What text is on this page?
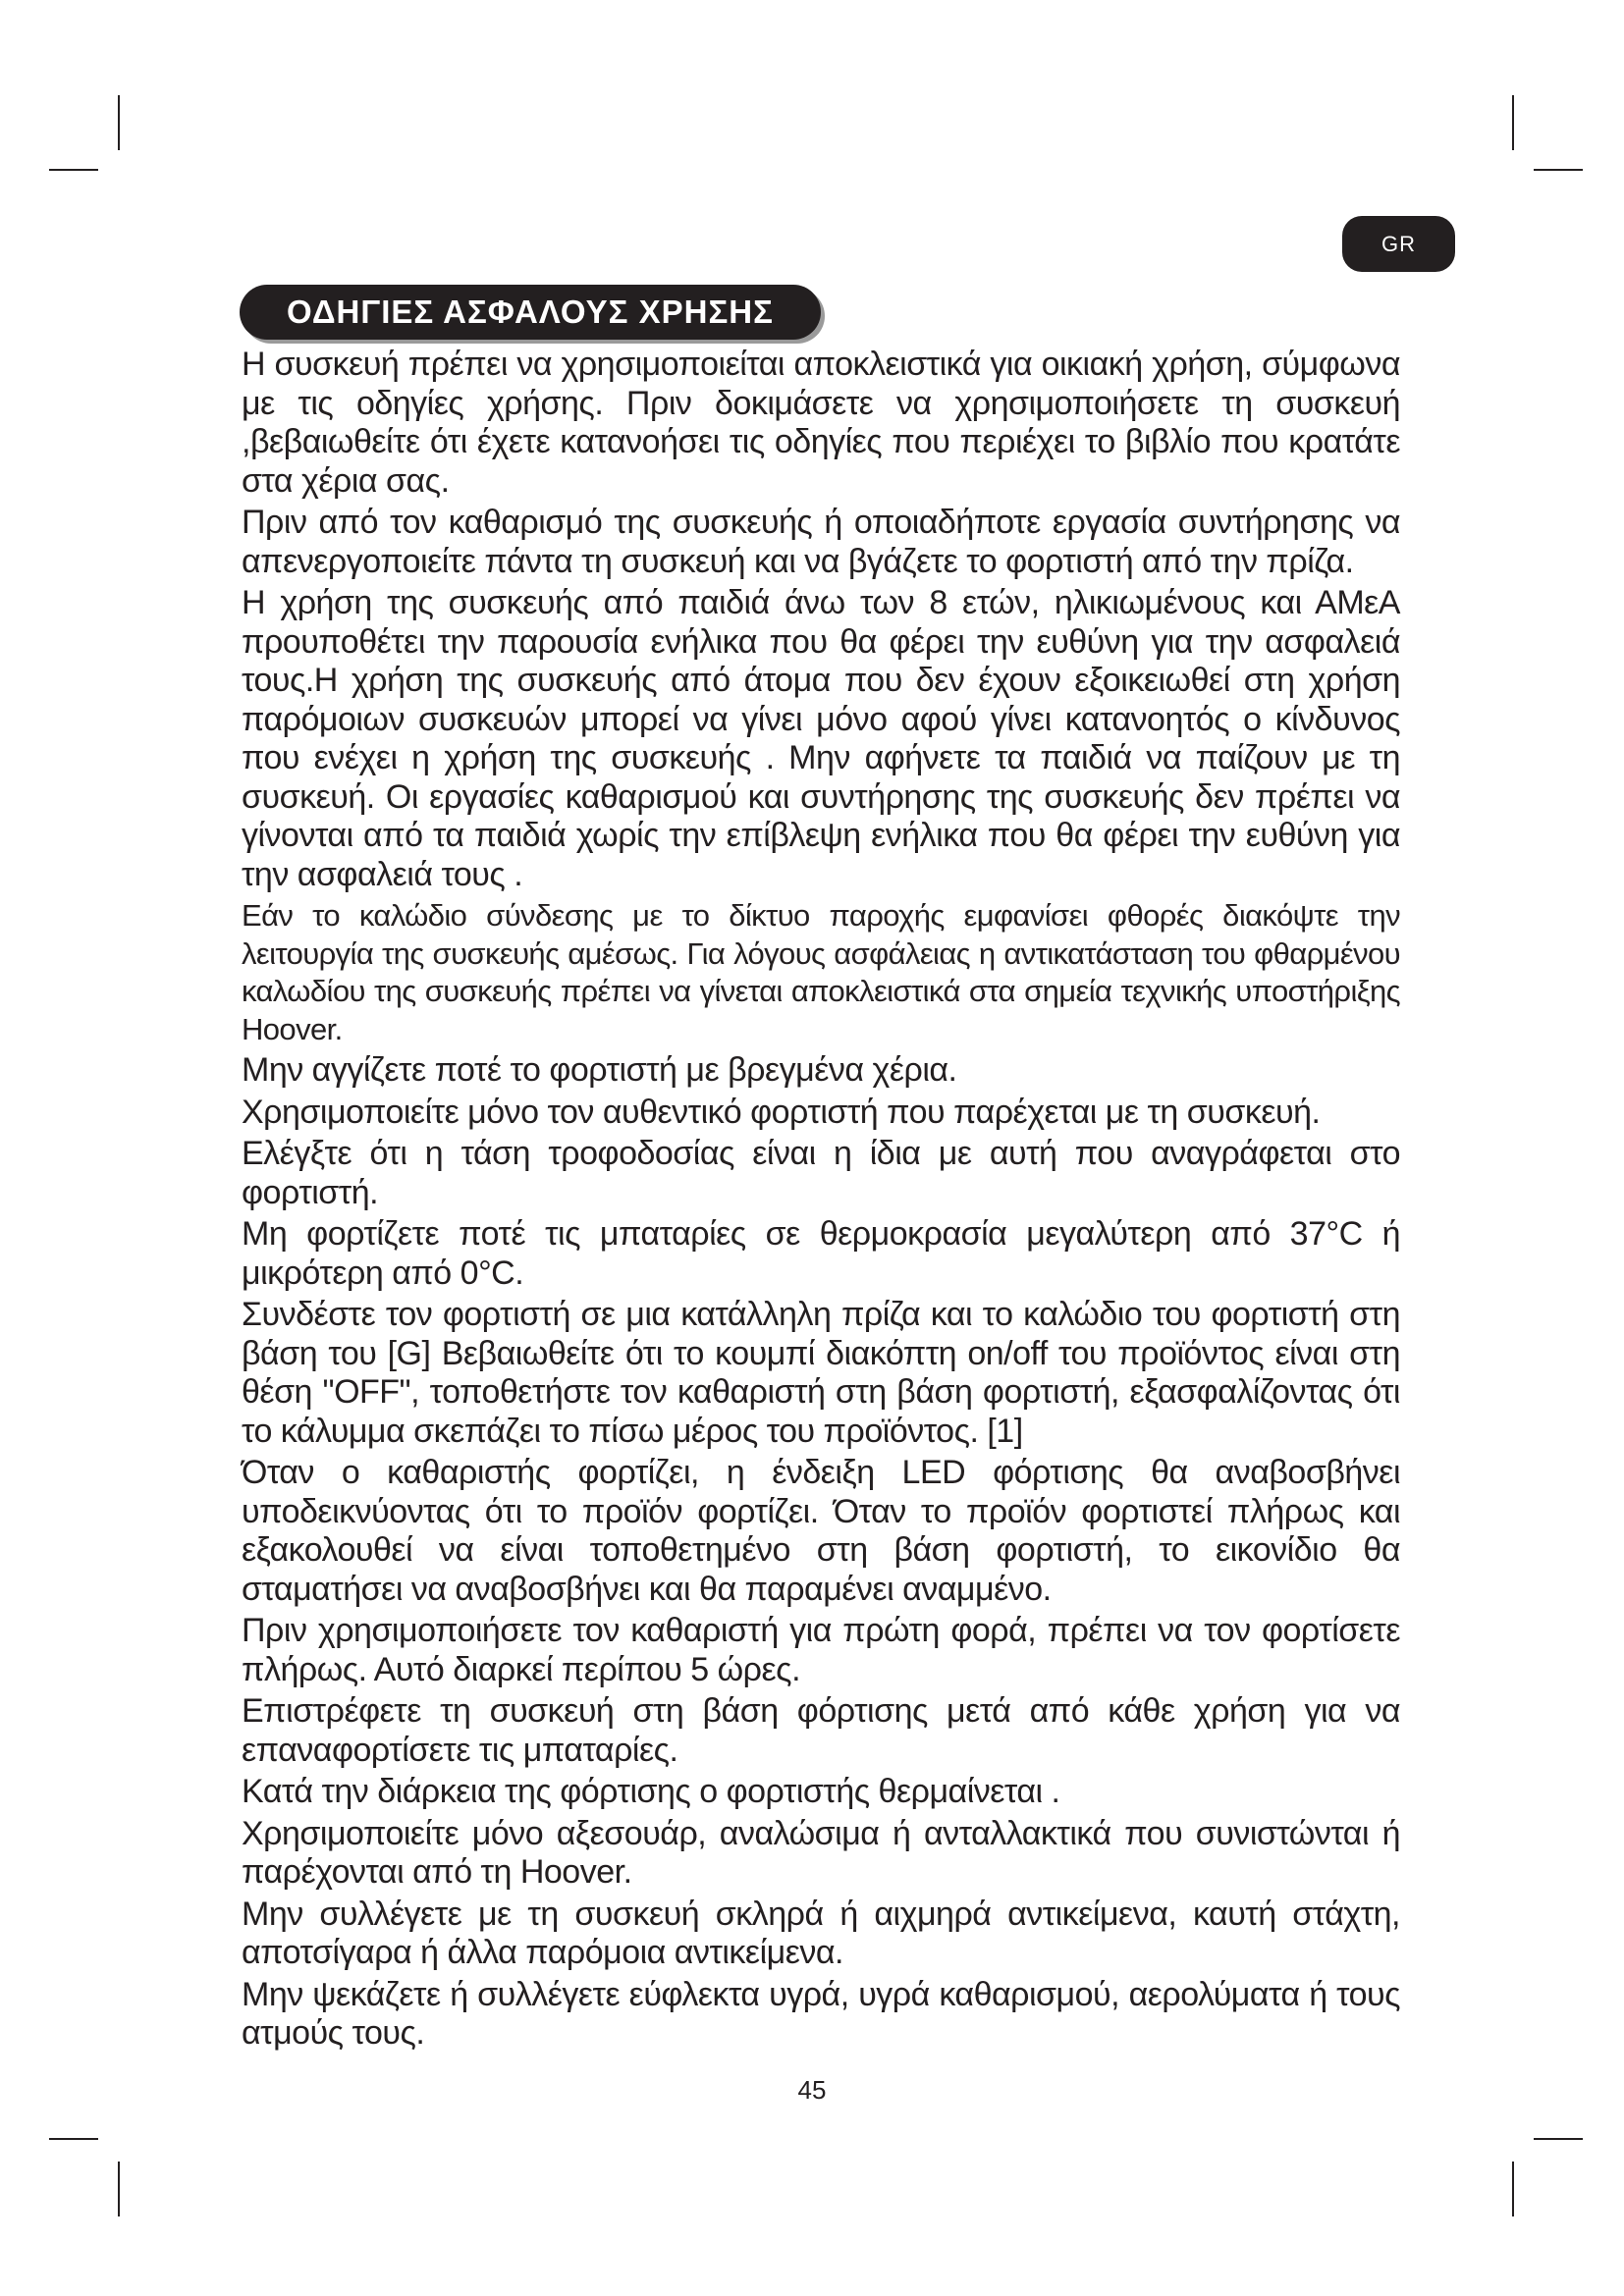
GR
ΟΔΗΓΙΕΣ ΑΣΦΑΛΟΥΣ ΧΡΗΣΗΣ

Η συσκευή πρέπει να χρησιμοποιείται αποκλειστικά για οικιακή χρήση, σύμφωνα με τις οδηγίες χρήσης. Πριν δοκιμάσετε να χρησιμοποιήσετε τη συσκευή ,βεβαιωθείτε ότι έχετε κατανοήσει τις οδηγίες που περιέχει το βιβλίο που κρατάτε στα χέρια σας.

Πριν από τον καθαρισμό της συσκευής ή οποιαδήποτε εργασία συντήρησης να απενεργοποιείτε πάντα τη συσκευή και να βγάζετε το φορτιστή από την πρίζα.

Η χρήση της συσκευής από παιδιά άνω των 8 ετών, ηλικιωμένους και ΑΜεΑ προυποθέτει την παρουσία ενήλικα που θα φέρει την ευθύνη για την ασφαλειά τους.Η χρήση της συσκευής από άτομα που δεν έχουν εξοικειωθεί στη χρήση παρόμοιων συσκευών μπορεί να γίνει μόνο αφού γίνει κατανοητός ο κίνδυνος που ενέχει η χρήση της συσκευής . Μην αφήνετε τα παιδιά να παίζουν με τη συσκευή. Οι εργασίες καθαρισμού και συντήρησης της συσκευής δεν πρέπει να γίνονται από τα παιδιά χωρίς την επίβλεψη ενήλικα που θα φέρει την ευθύνη για την ασφαλειά τους .

Εάν το καλώδιο σύνδεσης με το δίκτυο παροχής εμφανίσει φθορές διακόψτε την λειτουργία της συσκευής αμέσως. Για λόγους ασφάλειας η αντικατάσταση του φθαρμένου καλωδίου της συσκευής πρέπει να γίνεται αποκλειστικά στα σημεία τεχνικής υποστήριξης Hoover.

Μην αγγίζετε ποτέ το φορτιστή με βρεγμένα χέρια.

Χρησιμοποιείτε μόνο τον αυθεντικό φορτιστή που παρέχεται με τη συσκευή.

Ελέγξτε ότι η τάση τροφοδοσίας είναι η ίδια με αυτή που αναγράφεται στο φορτιστή.

Μη φορτίζετε ποτέ τις μπαταρίες σε θερμοκρασία μεγαλύτερη από 37°C ή μικρότερη από 0°C.

Συνδέστε τον φορτιστή σε μια κατάλληλη πρίζα και το καλώδιο του φορτιστή στη βάση του [G] Βεβαιωθείτε ότι το κουμπί διακόπτη on/off του προϊόντος είναι στη θέση "OFF", τοποθετήστε τον καθαριστή στη βάση φορτιστή, εξασφαλίζοντας ότι το κάλυμμα σκεπάζει το πίσω μέρος του προϊόντος. [1]

Όταν ο καθαριστής φορτίζει, η ένδειξη LED φόρτισης θα αναβοσβήνει υποδεικνύοντας ότι το προϊόν φορτίζει. Όταν το προϊόν φορτιστεί πλήρως και εξακολουθεί να είναι τοποθετημένο στη βάση φορτιστή, το εικονίδιο θα σταματήσει να αναβοσβήνει και θα παραμένει αναμμένο.

Πριν χρησιμοποιήσετε τον καθαριστή για πρώτη φορά, πρέπει να τον φορτίσετε πλήρως. Αυτό διαρκεί περίπου 5 ώρες.

Επιστρέφετε τη συσκευή στη βάση φόρτισης μετά από κάθε χρήση για να επαναφορτίσετε τις μπαταρίες.

Κατά την διάρκεια της φόρτισης ο φορτιστής θερμαίνεται .

Χρησιμοποιείτε μόνο αξεσουάρ, αναλώσιμα ή ανταλλακτικά που συνιστώνται ή παρέχονται από τη Hoover.

Μην συλλέγετε με τη συσκευή σκληρά ή αιχμηρά αντικείμενα, καυτή στάχτη, αποτσίγαρα ή άλλα παρόμοια αντικείμενα.

Μην ψεκάζετε ή συλλέγετε εύφλεκτα υγρά, υγρά καθαρισμού, αερολύματα ή τους ατμούς τους.

45
